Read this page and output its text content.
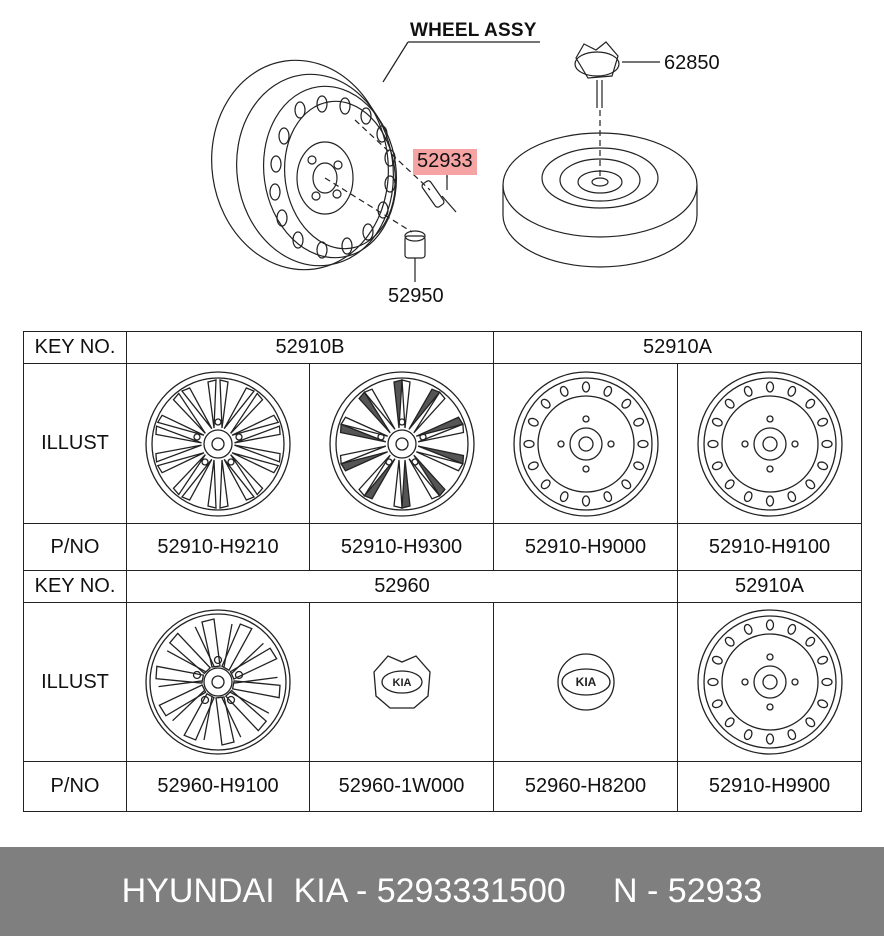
WHEEL ASSY
62850
52933
52950
KEY NO.	52910B		52910A	
ILLUST	

P/NO	52910-H9210	52910-H9300	52910-H9000	52910-H9100
KEY NO.	52960			52910A
ILLUST		KIA	KIA

P/NO	52960-H9100	52960-1W000	52960-H8200	52910-H9900
HYUNDAI  KIA - 5293331500     N - 52933
